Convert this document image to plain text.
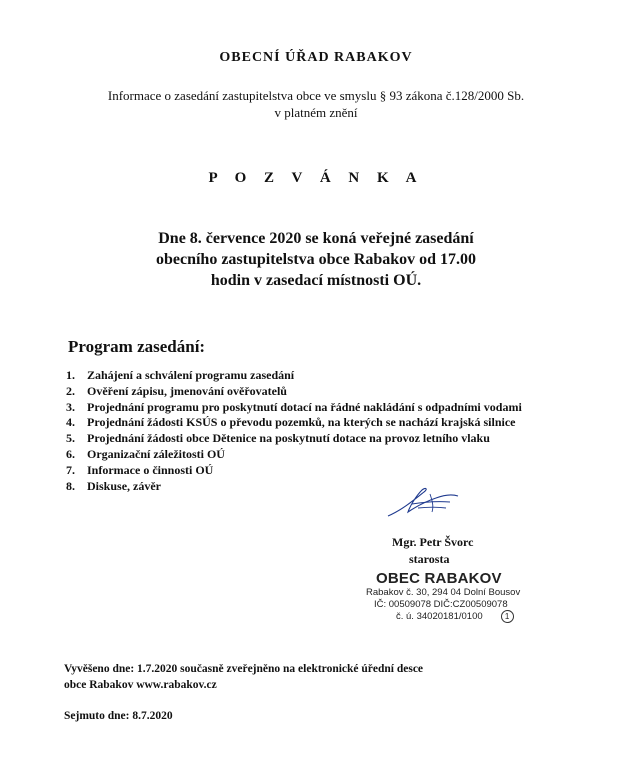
OBECNÍ ÚŘAD RABAKOV
Informace o zasedání zastupitelstva obce ve smyslu § 93 zákona č.128/2000 Sb.
v platném znění
P O Z V Á N K A
Dne 8. července 2020 se koná veřejné zasedání
obecního zastupitelstva obce Rabakov od 17.00
hodin v zasedací místnosti OÚ.
Program zasedání:
1. Zahájení a schválení programu zasedání
2. Ověření zápisu, jmenování ověřovatelů
3. Projednání programu pro poskytnutí dotací na řádné nakládání s odpadními vodami
4. Projednání žádosti KSÚS o převodu pozemků, na kterých se nachází krajská silnice
5. Projednání žádosti obce Dětenice na poskytnutí dotace na provoz letního vlaku
6. Organizační záležitosti OÚ
7. Informace o činnosti OÚ
8. Diskuse, závěr
Mgr. Petr Švorc
starosta
OBEC RABAKOV
Rabakov č. 30, 294 04 Dolní Bousov
IČ: 00509078 DIČ:CZ00509078
č. ú. 34020181/0100	1
Vyvěšeno dne: 1.7.2020 současně zveřejněno na elektronické úřední desce
obce Rabakov www.rabakov.cz
Sejmuto dne: 8.7.2020
